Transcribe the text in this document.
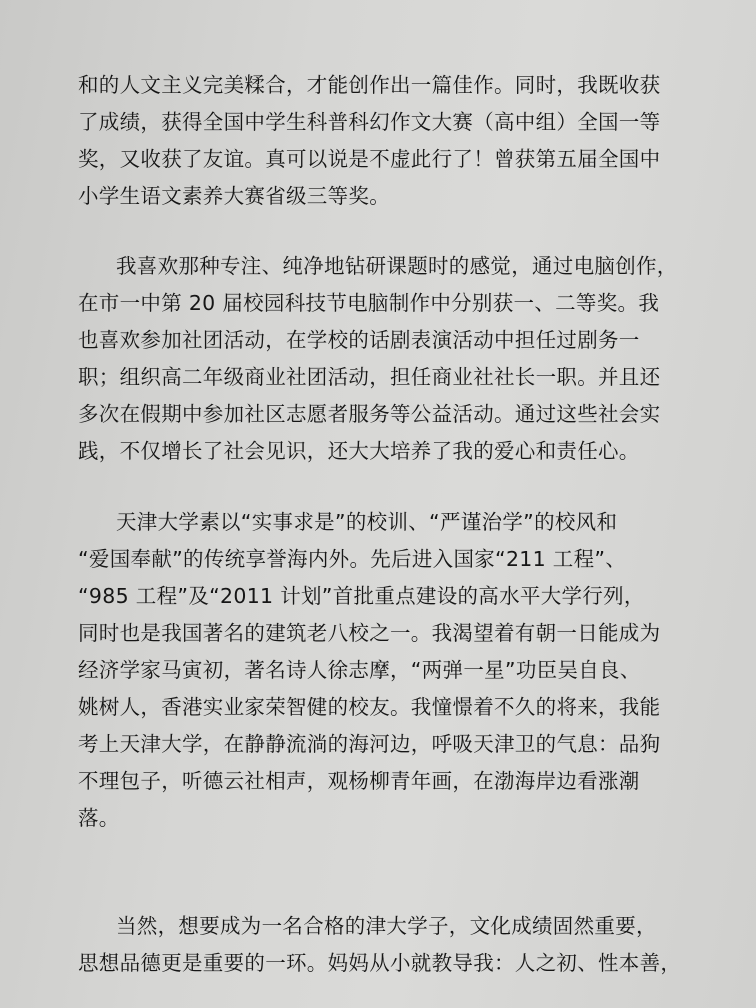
和的人文主义完美糅合，才能创作出一篇佳作。同时，我既收获
了成绩，获得全国中学生科普科幻作文大赛（高中组）全国一等
奖，又收获了友谊。真可以说是不虚此行了！曾获第五届全国中
小学生语文素养大赛省级三等奖。
我喜欢那种专注、纯净地钻研课题时的感觉，通过电脑创作，
在市一中第 20 届校园科技节电脑制作中分别获一、二等奖。我
也喜欢参加社团活动，在学校的话剧表演活动中担任过剧务一
职；组织高二年级商业社团活动，担任商业社社长一职。并且还
多次在假期中参加社区志愿者服务等公益活动。通过这些社会实
践，不仅增长了社会见识，还大大培养了我的爱心和责任心。
天津大学素以“实事求是”的校训、“严谨治学”的校风和
“爱国奉献”的传统享誉海内外。先后进入国家“211 工程”、
“985 工程”及“2011 计划”首批重点建设的高水平大学行列，
同时也是我国著名的建筑老八校之一。我渴望着有朝一日能成为
经济学家马寅初，著名诗人徐志摩，“两弹一星”功臣吴自良、
姚树人，香港实业家荣智健的校友。我憧憬着不久的将来，我能
考上天津大学，在静静流淌的海河边，呼吸天津卫的气息：品狗
不理包子，听德云社相声，观杨柳青年画，在渤海岸边看涨潮
落。
当然，想要成为一名合格的津大学子，文化成绩固然重要，
思想品德更是重要的一环。妈妈从小就教导我：人之初、性本善，
